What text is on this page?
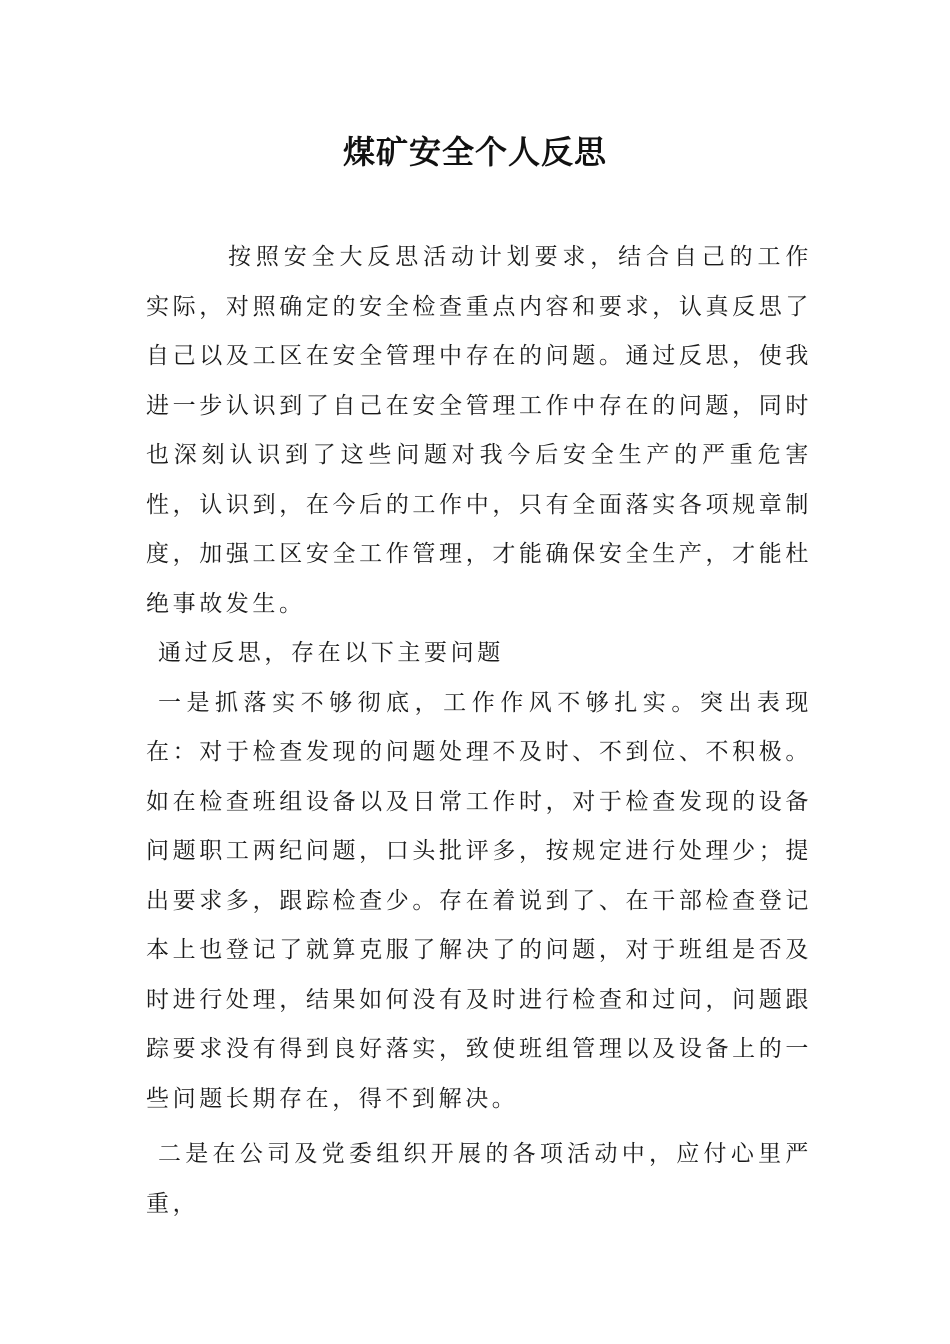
煤矿安全个人反思

按照安全大反思活动计划要求，结合自己的工作实际，对照确定的安全检查重点内容和要求，认真反思了自己以及工区在安全管理中存在的问题。通过反思，使我进一步认识到了自己在安全管理工作中存在的问题，同时也深刻认识到了这些问题对我今后安全生产的严重危害性，认识到，在今后的工作中，只有全面落实各项规章制度，加强工区安全工作管理，才能确保安全生产，才能杜绝事故发生。

通过反思，存在以下主要问题

一是抓落实不够彻底，工作作风不够扎实。突出表现在：对于检查发现的问题处理不及时、不到位、不积极。如在检查班组设备以及日常工作时，对于检查发现的设备问题职工两纪问题，口头批评多，按规定进行处理少；提出要求多，跟踪检查少。存在着说到了、在干部检查登记本上也登记了就算克服了解决了的问题，对于班组是否及时进行处理，结果如何没有及时进行检查和过问，问题跟踪要求没有得到良好落实，致使班组管理以及设备上的一些问题长期存在，得不到解决。

二是在公司及党委组织开展的各项活动中，应付心里严重，
